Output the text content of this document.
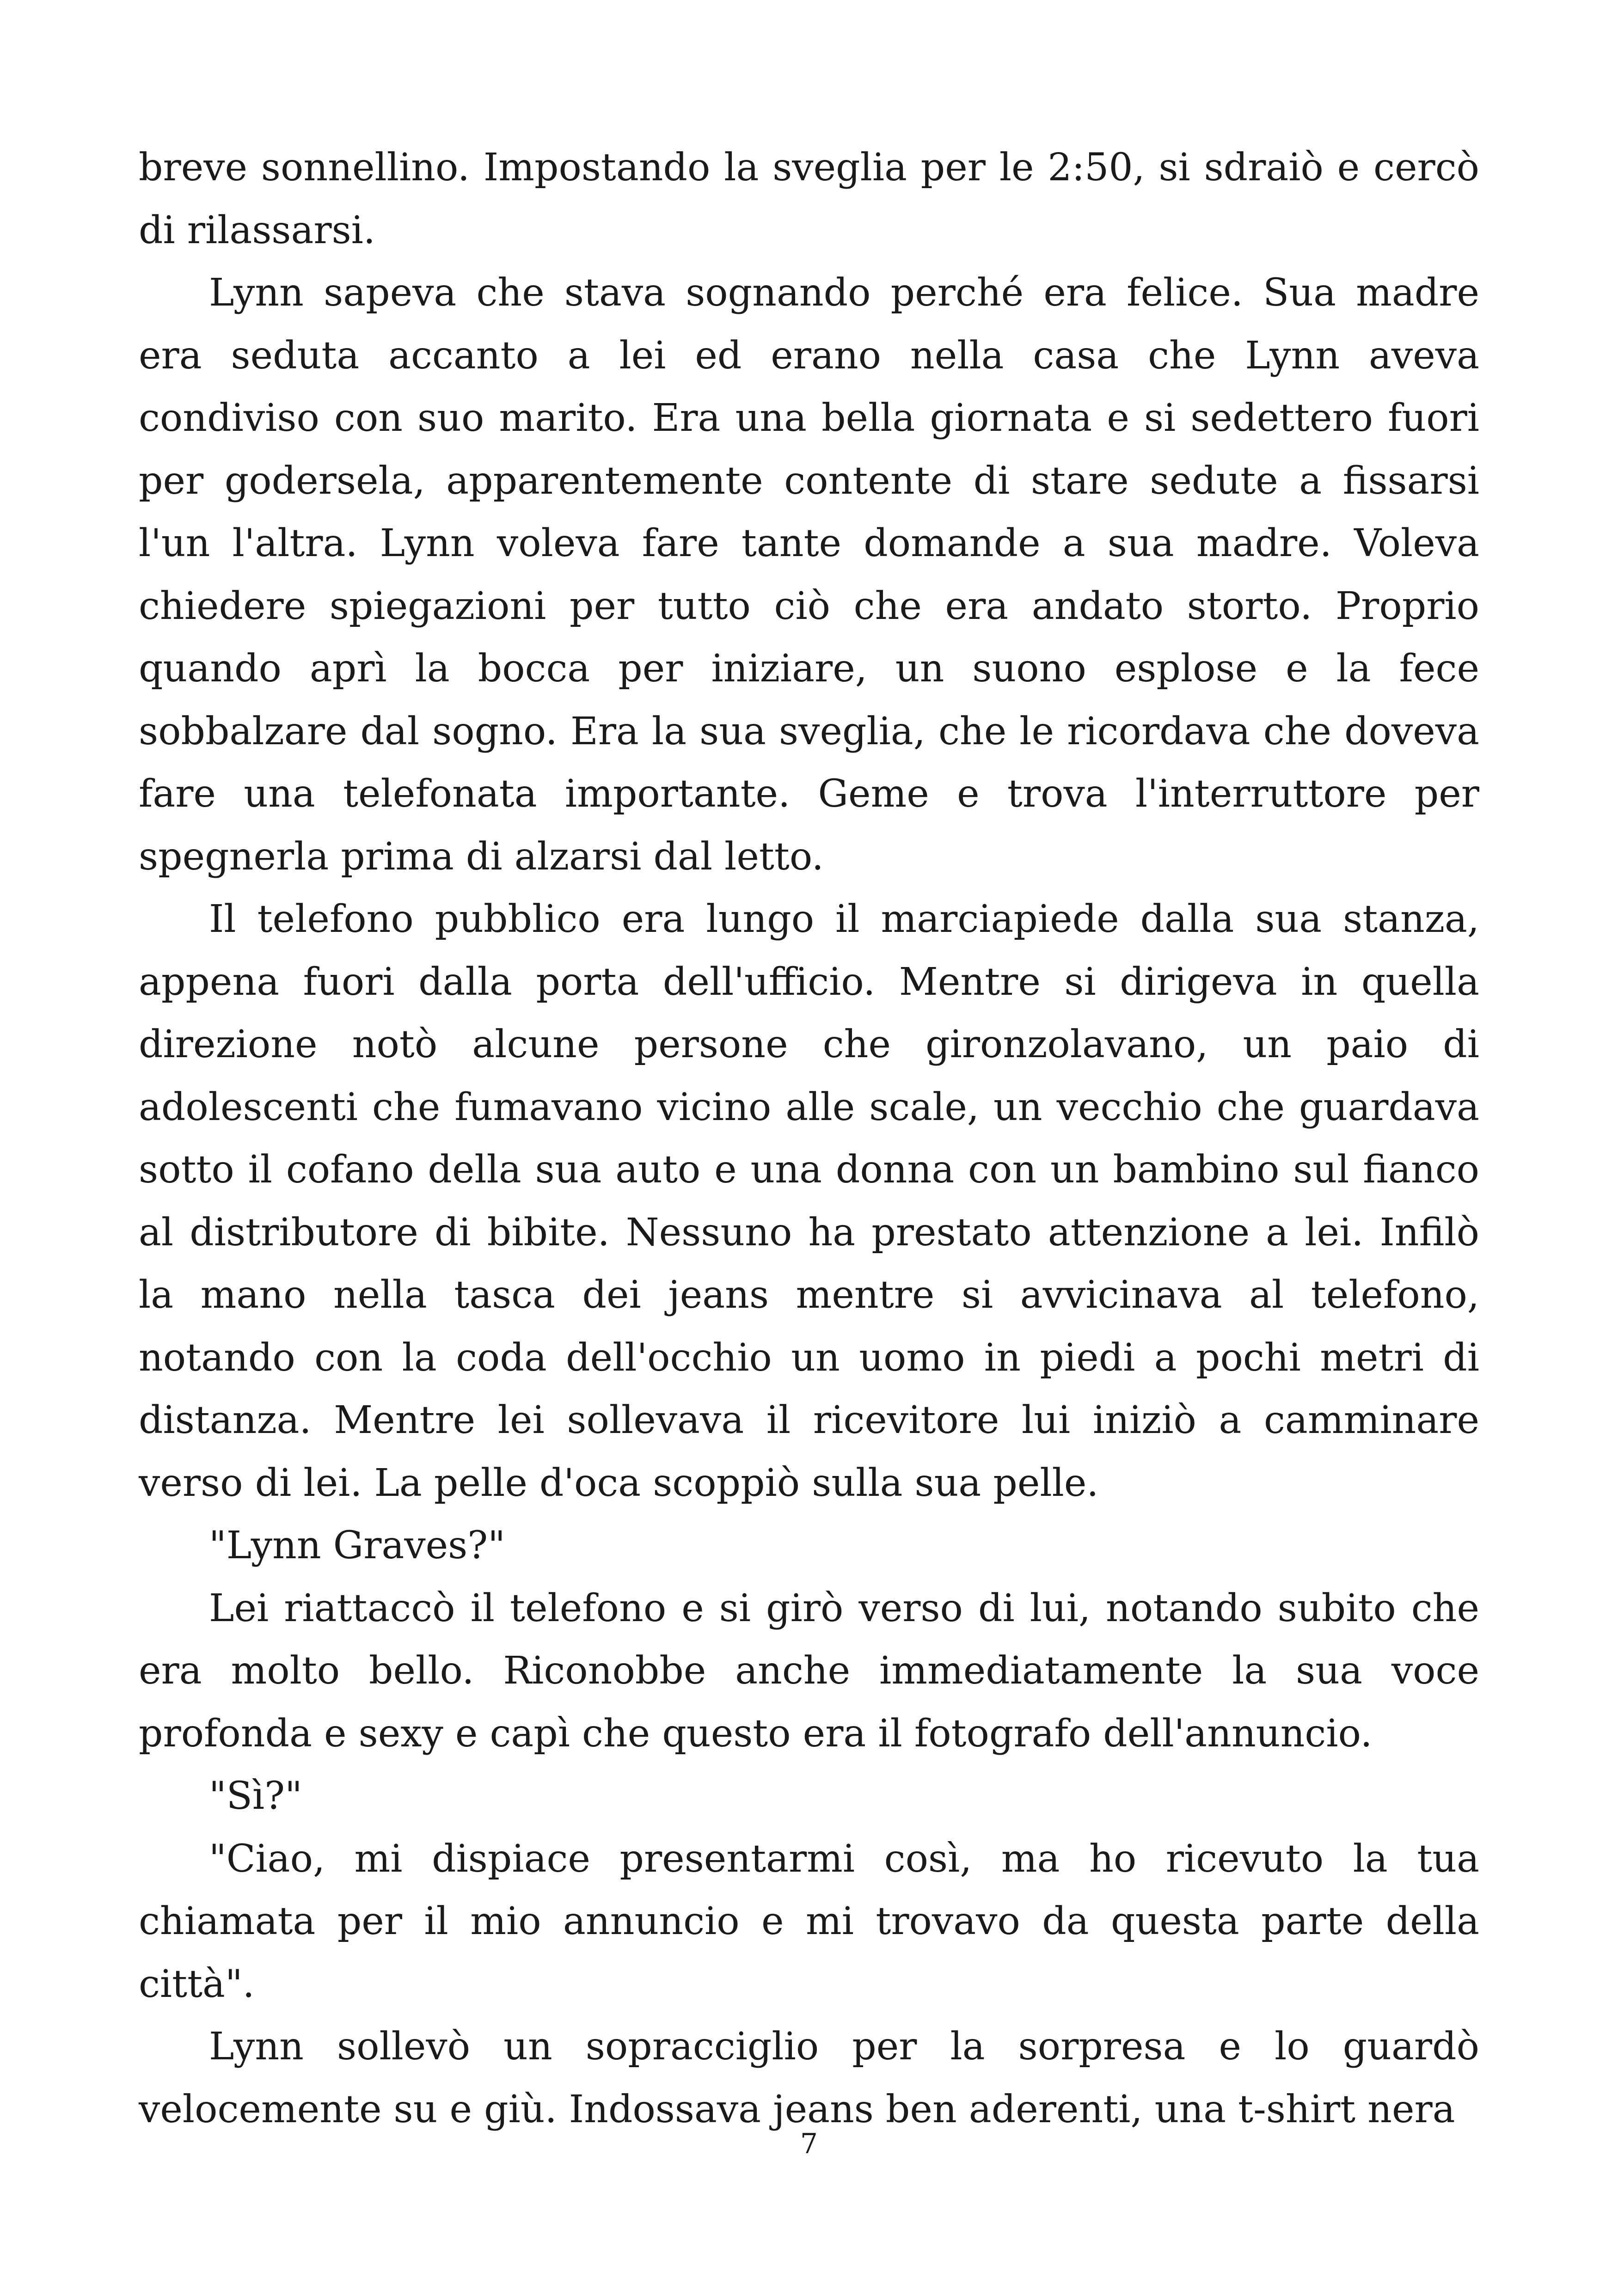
breve sonnellino. Impostando la sveglia per le 2:50, si sdraiò e cercò di rilassarsi.

Lynn sapeva che stava sognando perché era felice. Sua madre era seduta accanto a lei ed erano nella casa che Lynn aveva condiviso con suo marito. Era una bella giornata e si sedettero fuori per godersela, apparentemente contente di stare sedute a fissarsi l'un l'altra. Lynn voleva fare tante domande a sua madre. Voleva chiedere spiegazioni per tutto ciò che era andato storto. Proprio quando aprì la bocca per iniziare, un suono esplose e la fece sobbalzare dal sogno. Era la sua sveglia, che le ricordava che doveva fare una telefonata importante. Geme e trova l'interruttore per spegnerla prima di alzarsi dal letto.

Il telefono pubblico era lungo il marciapiede dalla sua stanza, appena fuori dalla porta dell'ufficio. Mentre si dirigeva in quella direzione notò alcune persone che gironzolavano, un paio di adolescenti che fumavano vicino alle scale, un vecchio che guardava sotto il cofano della sua auto e una donna con un bambino sul fianco al distributore di bibite. Nessuno ha prestato attenzione a lei. Infilò la mano nella tasca dei jeans mentre si avvicinava al telefono, notando con la coda dell'occhio un uomo in piedi a pochi metri di distanza. Mentre lei sollevava il ricevitore lui iniziò a camminare verso di lei. La pelle d'oca scoppiò sulla sua pelle.

"Lynn Graves?"

Lei riattaccò il telefono e si girò verso di lui, notando subito che era molto bello. Riconobbe anche immediatamente la sua voce profonda e sexy e capì che questo era il fotografo dell'annuncio.

"Sì?"

"Ciao, mi dispiace presentarmi così, ma ho ricevuto la tua chiamata per il mio annuncio e mi trovavo da questa parte della città".

Lynn sollevò un sopracciglio per la sorpresa e lo guardò velocemente su e giù. Indossava jeans ben aderenti, una t-shirt nera

7
